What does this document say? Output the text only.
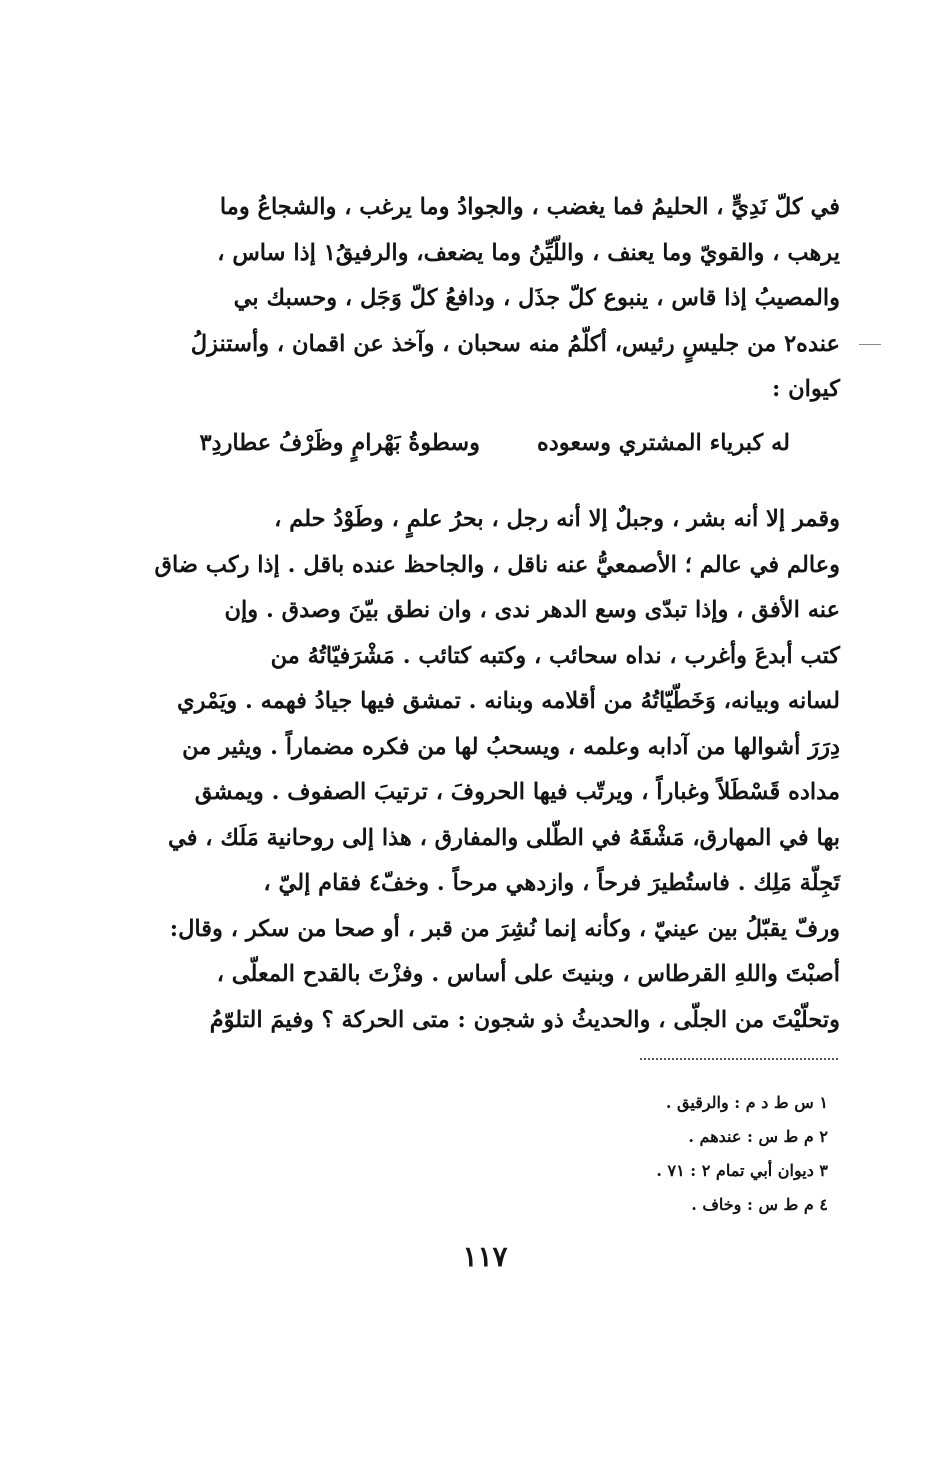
في كلّ نَدِيٍّ ، الحليمُ فما يغضب ، والجوادُ وما يرغب ، والشجاعُ وما
يرهب ، والقويّ وما يعنف ، واللّيِّنُ وما يضعف، والرفيقُ١ إذا ساس ،
والمصيبُ إذا قاس ، ينبوع كلّ جذَل ، ودافعُ كلّ وَجَل ، وحسبك بي
عنده٢ من جليسٍ رئيس، أكلّمُ منه سحبان ، وآخذ عن اقمان ، وأستنزلُ
كيوان :
له كبرياء المشتري وسعوده
وسطوةُ بَهْرامٍ وظَرْفُ عطاردِ٣
وقمر إلا أنه بشر ، وجبلٌ إلا أنه رجل ، بحرُ علمٍ ، وطَوْدُ حلم ،
وعالم في عالم ؛ الأصمعيُّ عنه ناقل ، والجاحظ عنده باقل . إذا ركب ضاق
عنه الأفق ، وإذا تبدّى وسع الدهر ندى ، وان نطق بيّنَ وصدق . وإن
كتب أبدعَ وأغرب ، نداه سحائب ، وكتبه كتائب . مَشْرَفيّاتُهُ من
لسانه وبيانه، وَخَطّيّاتُهُ من أقلامه وبنانه . تمشق فيها جيادُ فهمه . ويَمْري
دِرَرَ أشوالها من آدابه وعلمه ، ويسحبُ لها من فكره مضماراً . ويثير من
مداده قَسْطَلاً وغباراً ، ويرتّب فيها الحروفَ ، ترتيبَ الصفوف . ويمشق
بها في المهارق، مَشْقَهُ في الطّلى والمفارق ، هذا إلى روحانية مَلَك ، في
تَجِلّة مَلِك . فاستُطيرَ فرحاً ، وازدهي مرحاً . وخفّ٤ فقام إليّ ،
ورفّ يقبّلُ بين عينيّ ، وكأنه إنما نُشِرَ من قبر ، أو صحا من سكر ، وقال:
أصبْتَ واللهِ القرطاس ، وبنيتَ على أساس . وفزْتَ بالقدح المعلّى ،
وتحلّيْتَ من الجلّى ، والحديثُ ذو شجون : متى الحركة ؟ وفيمَ التلوّمُ
١ س ط د م : والرقيق .
٢ م ط س : عندهم .
٣ ديوان أبي تمام ٢ : ٧١ .
٤ م ط س : وخاف .
١١٧
